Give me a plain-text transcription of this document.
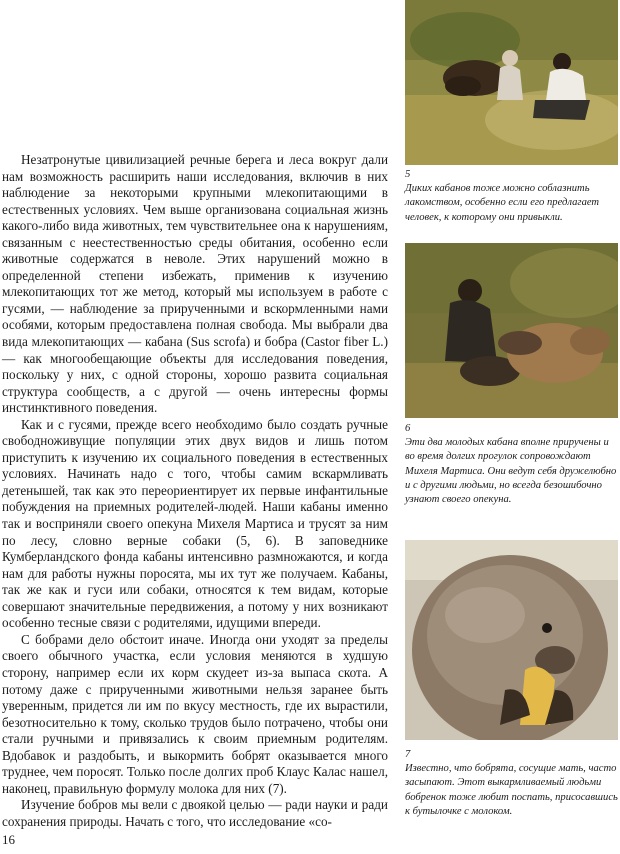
Незатронутые цивилизацией речные берега и леса вокруг дали нам возможность расширить наши исследования, включив в них наблюдение за некоторыми крупными млекопитающими в естественных условиях. Чем выше организована социальная жизнь какого-либо вида животных, тем чувствительнее она к нарушениям, связанным с неестественностью среды обитания, особенно если животные содержатся в неволе. Этих нарушений можно в определенной степени избежать, применив к изучению млекопитающих тот же метод, который мы используем в работе с гусями, — наблюдение за прирученными и вскормленными нами особями, которым предоставлена полная свобода. Мы выбрали два вида млекопитающих — кабана (Sus scrofa) и бобра (Castor fiber L.) — как многообещающие объекты для исследования поведения, поскольку у них, с одной стороны, хорошо развита социальная структура сообществ, а с другой — очень интересны формы инстинктивного поведения.

Как и с гусями, прежде всего необходимо было создать ручные свободноживущие популяции этих двух видов и лишь потом приступить к изучению их социального поведения в естественных условиях. Начинать надо с того, чтобы самим вскармливать детенышей, так как это переориентирует их первые инфантильные побуждения на приемных родителей-людей. Наши кабаны именно так и восприняли своего опекуна Михеля Мартиса и трусят за ним по лесу, словно верные собаки (5, 6). В заповеднике Кумберландского фонда кабаны интенсивно размножаются, и когда нам для работы нужны поросята, мы их тут же получаем. Кабаны, так же как и гуси или собаки, относятся к тем видам, которые совершают значительные передвижения, а потому у них возникают особенно тесные связи с родителями, идущими впереди.

С бобрами дело обстоит иначе. Иногда они уходят за пределы своего обычного участка, если условия меняются в худшую сторону, например если их корм скудеет из-за выпаса скота. А потому даже с прирученными животными нельзя заранее быть уверенным, придется ли им по вкусу местность, где их вырастили, безотносительно к тому, сколько трудов было потрачено, чтобы они стали ручными и привязались к своим приемным родителям. Вдобавок и раздобыть, и выкормить бобрят оказывается много труднее, чем поросят. Только после долгих проб Клаус Калас нашел, наконец, правильную формулу молока для них (7).

Изучение бобров мы вели с двоякой целью — ради науки и ради сохранения природы. Начать с того, что исследование «со-

16
5
Диких кабанов тоже можно соблазнить лакомством, особенно если его предлагает человек, к которому они привыкли.
6
Эти два молодых кабана вполне приручены и во время долгих прогулок сопровождают Михеля Мартиса. Они ведут себя дружелюбно и с другими людьми, но всегда безошибочно узнают своего опекуна.
7
Известно, что бобрята, сосущие мать, часто засыпают. Этот выкармливаемый людьми бобренок тоже любит поспать, присосавшись к бутылочке с молоком.
